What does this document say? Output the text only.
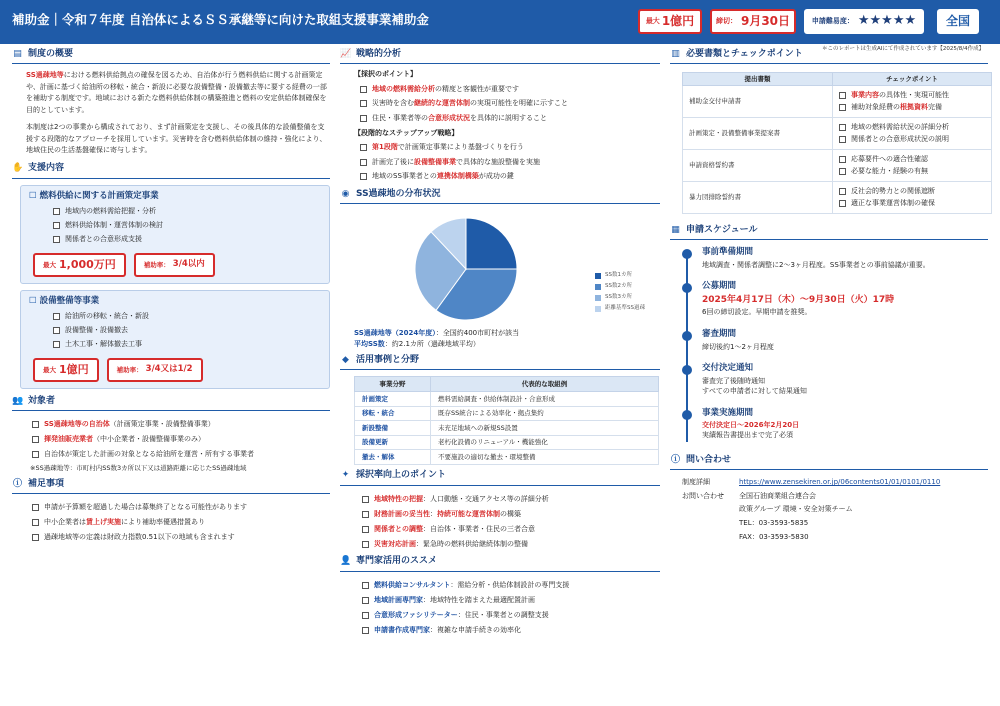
補助金｜令和７年度 自治体によるＳＳ承継等に向けた取組支援事業補助金	最大 1億円	締切： 9月30日	申請難易度： ★★★★★	全国
＊このレポートは生成AIにて作成されています【2025/8/4作成】
▤ 制度の概要
SS過疎地等における燃料供給拠点の確保を図るため、自治体が行う燃料供給に関する計画策定や、計画に基づく給油所の移転・統合・新設に必要な設備整備・設備撤去等に要する経費の一部を補助する制度です。地域における新たな燃料供給体制の構築推進と燃料の安定供給体制確保を目的としています。
本制度は2つの事業から構成されており、まず計画策定を支援し、その後具体的な設備整備を支援する段階的なアプローチを採用しています。災害時を含む燃料供給体制の維持・強化により、地域住民の生活基盤確保に寄与します。
✋ 支援内容
☐ 燃料供給に関する計画策定事業
地域内の燃料需給把握・分析
燃料供給体制・運営体制の検討
関係者との合意形成支援
最大 1,000万円	補助率： 3/4以内
☐ 設備整備等事業
給油所の移転・統合・新設
設備整備・設備撤去
土木工事・解体撤去工事
最大 1億円	補助率： 3/4又は1/2
👥 対象者
SS過疎地等の自治体 （計画策定事業・設備整備事業）
揮発油販売業者 （中小企業者・設備整備事業のみ）
自治体が策定した計画の対象となる給油所を運営・所有する事業者
※SS過疎地等：市町村内SS数3カ所以下又は道路距離に応じたSS過疎地域
ⓘ 補足事項
申請が予算額を超過した場合は募集終了となる可能性があります
中小企業者は 賃上げ実施 により補助率優遇措置あり
過疎地域等の定義は財政力指数0.51以下の地域も含まれます
📈 戦略的分析
【採択のポイント】
地域の燃料需給分析 の精度と客観性が重要です
災害時を含む 継続的な運営体制 の実現可能性を明確に示すこと
住民・事業者等の 合意形成状況 を具体的に説明すること
【段階的なステップアップ戦略】
第1段階 で計画策定事業により基盤づくりを行う
計画完了後に 設備整備事業 で具体的な施設整備を実施
地域のSS事業者との 連携体制構築 が成功の鍵
◉ SS過疎地の分布状況
SS数1カ所
SS数2カ所
SS数3カ所
距離基準SS過疎
SS過疎地等（2024年度）：全国約400市町村が該当
平均SS数：約2.1カ所（過疎地域平均）
◆ 活用事例と分野
事業分野	代表的な取組例
計画策定	燃料需給調査・供給体制設計・合意形成
移転・統合	既存SS統合による効率化・拠点集約
新設整備	未充足地域への新規SS設置
設備更新	老朽化設備のリニューアル・機能強化
撤去・解体	不要施設の適切な撤去・環境整備
✦ 採択率向上のポイント
地域特性の把握 ：人口動態・交通アクセス等の詳細分析
財務計画の妥当性 ： 持続可能な運営体制 の構築
関係者との調整 ：自治体・事業者・住民の三者合意
災害対応計画 ：緊急時の燃料供給継続体制の整備
👤 専門家活用のススメ
燃料供給コンサルタント ：需給分析・供給体制設計の専門支援
地域計画専門家 ：地域特性を踏まえた最適配置計画
合意形成ファシリテーター ：住民・事業者との調整支援
申請書作成専門家 ：複雑な申請手続きの効率化
▥ 必要書類とチェックポイント
提出書類	チェックポイント
補助金交付申請書	事業内容 の具体性・実現可能性
補助対象経費の 根拠資料 完備

計画策定・設備整備事業提案書	地域の燃料需給状況の詳細分析
関係者との合意形成状況の説明

申請資格誓約書	応募要件への適合性確認
必要な能力・経験の有無

暴力団排除誓約書	反社会的勢力との関係遮断
適正な事業運営体制の確保
▦ 申請スケジュール
事前準備期間
地域調査・関係者調整に2〜3ヶ月程度。SS事業者との事前協議が重要。
公募期間
2025年4月17日（木）〜9月30日（火）17時
6回の締切設定。早期申請を推奨。
審査期間
締切後約1〜2ヶ月程度
交付決定通知
審査完了後随時通知
すべての申請者に対して結果通知
事業実施期間
交付決定日〜2026年2月20日
実績報告書提出まで完了必須
ⓘ 問い合わせ
制度詳細	https://www.zensekiren.or.jp/06contents01/01/0101/0110
お問い合わせ	全国石油商業組合連合会
政策グループ 環境・安全対策チーム
TEL：03-3593-5835
FAX：03-3593-5830
